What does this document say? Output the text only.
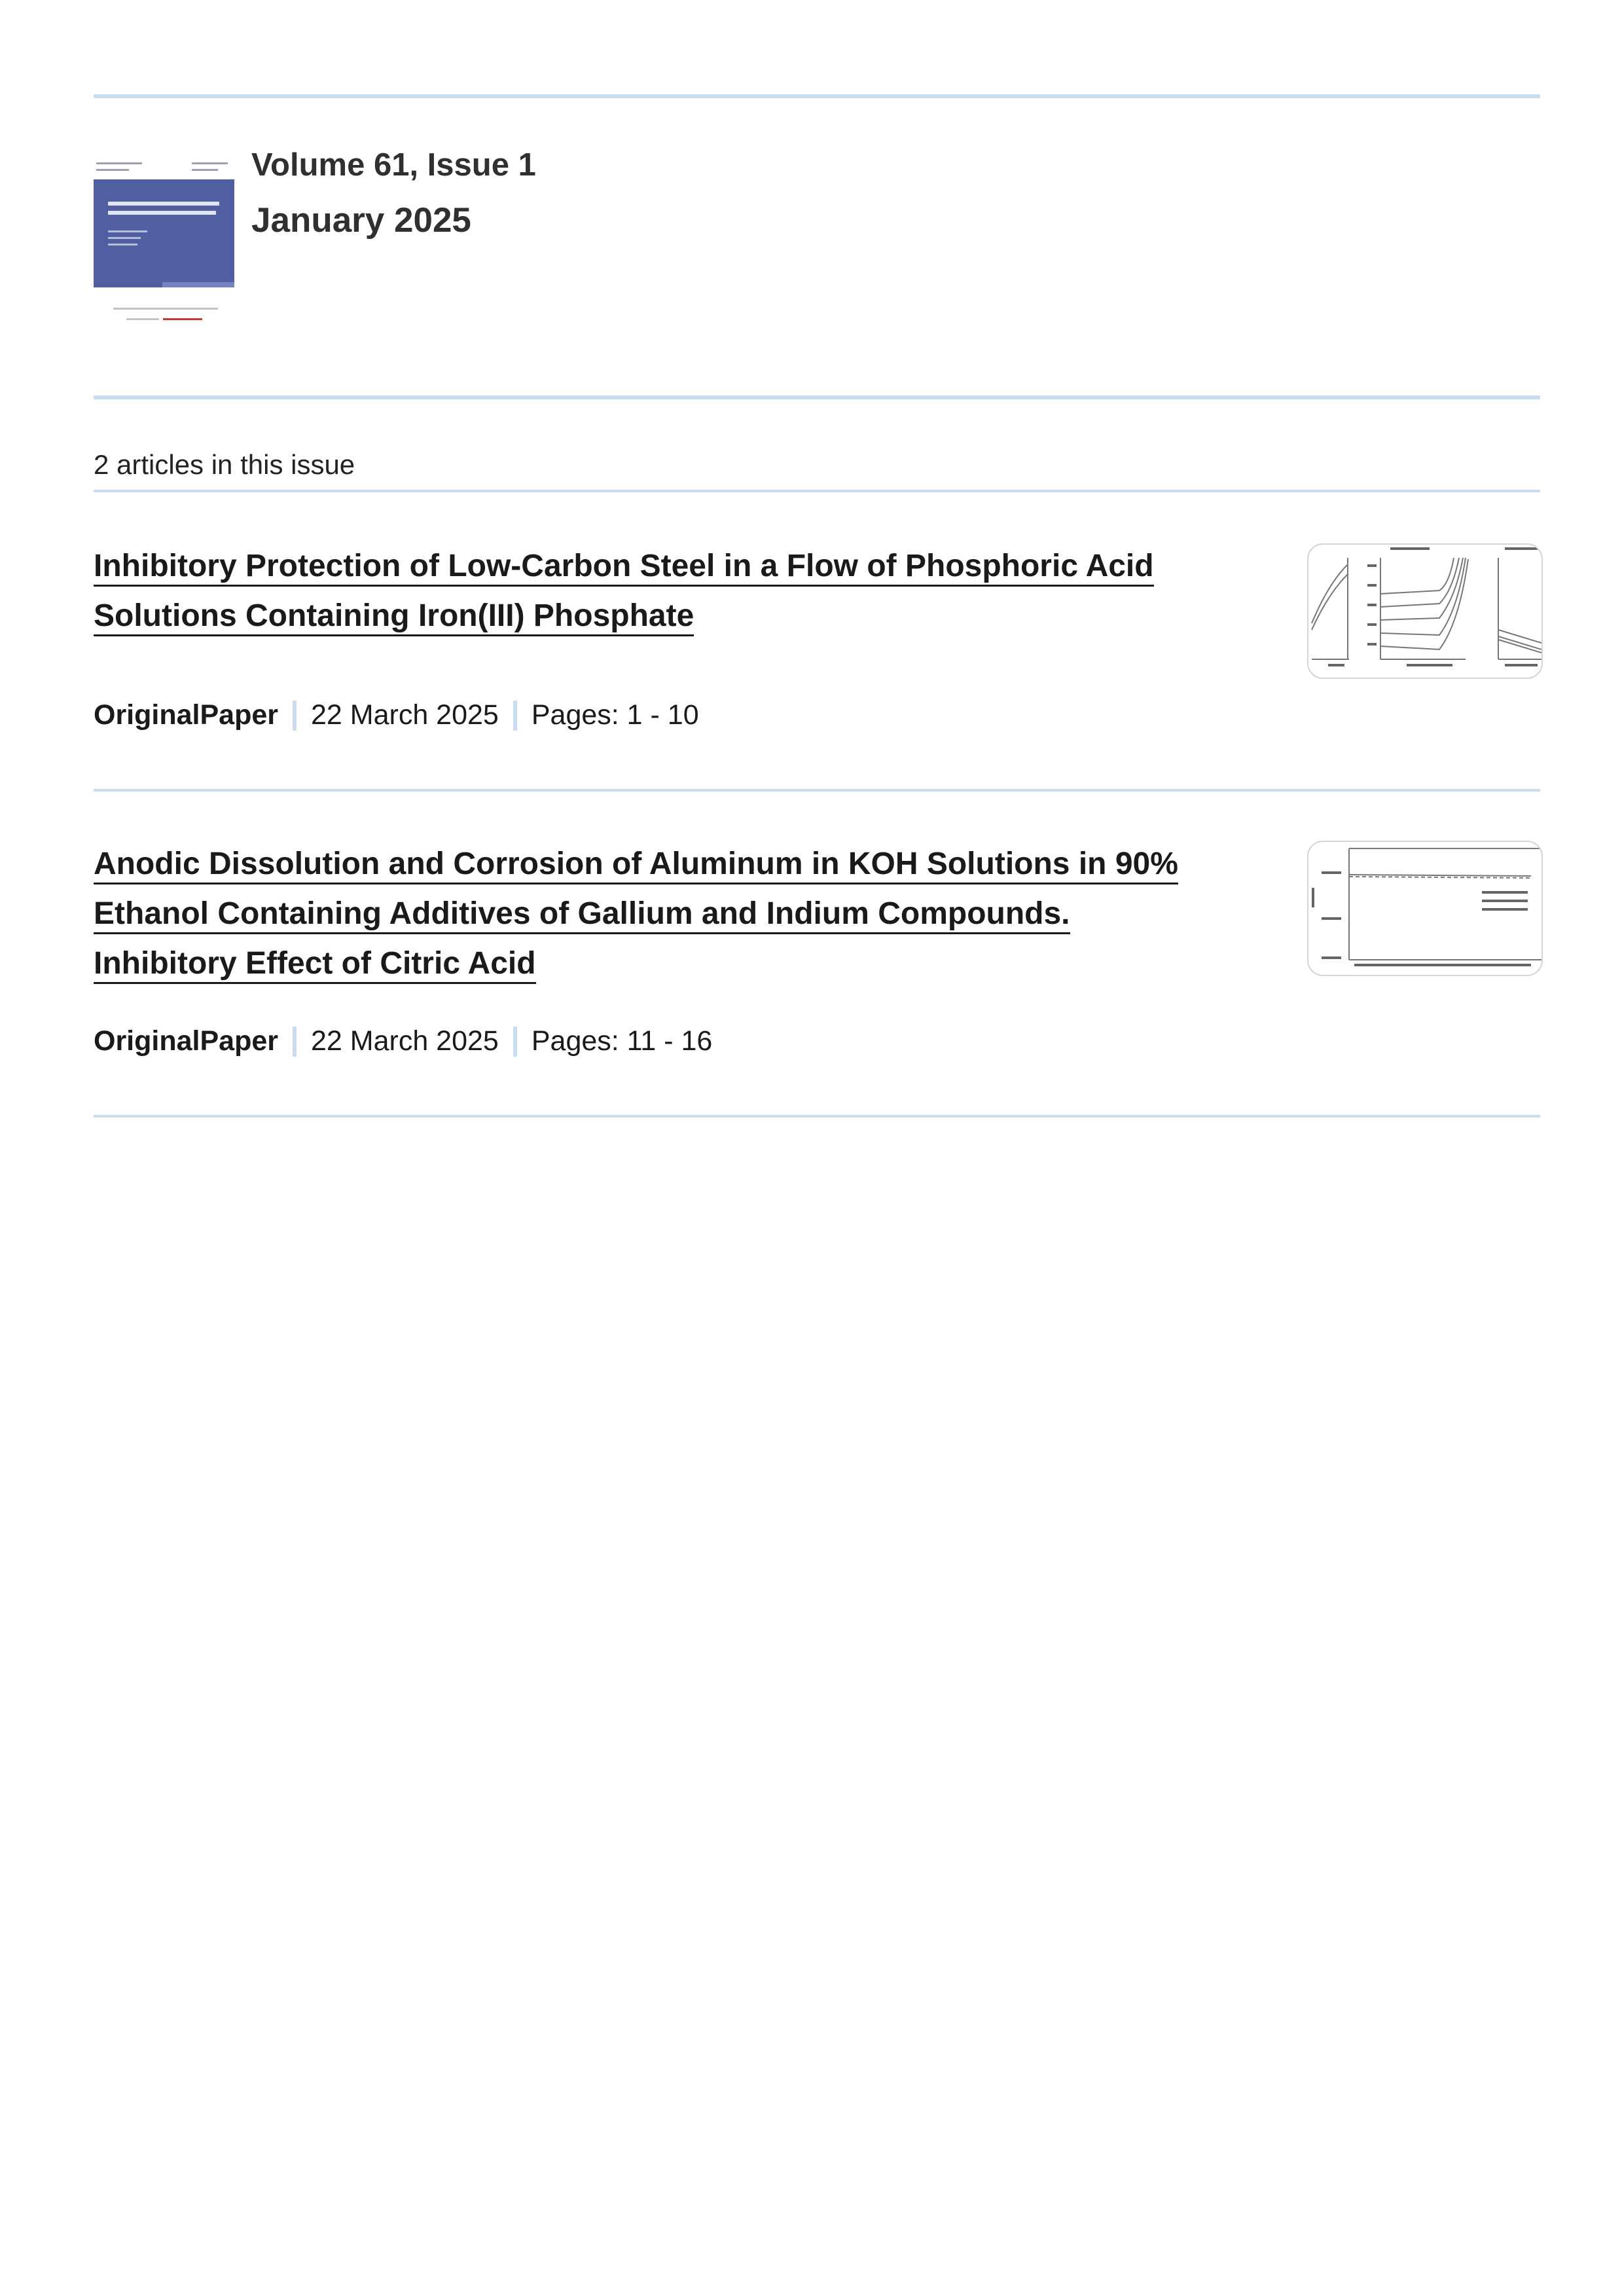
Volume 61, Issue 1
January 2025
2 articles in this issue
Inhibitory Protection of Low-Carbon Steel in a Flow of Phosphoric Acid
Solutions Containing Iron(III) Phosphate
OriginalPaper 22 March 2025 Pages: 1 - 10
Anodic Dissolution and Corrosion of Aluminum in KOH Solutions in 90%
Ethanol Containing Additives of Gallium and Indium Compounds.
Inhibitory Effect of Citric Acid
OriginalPaper 22 March 2025 Pages: 11 - 16
